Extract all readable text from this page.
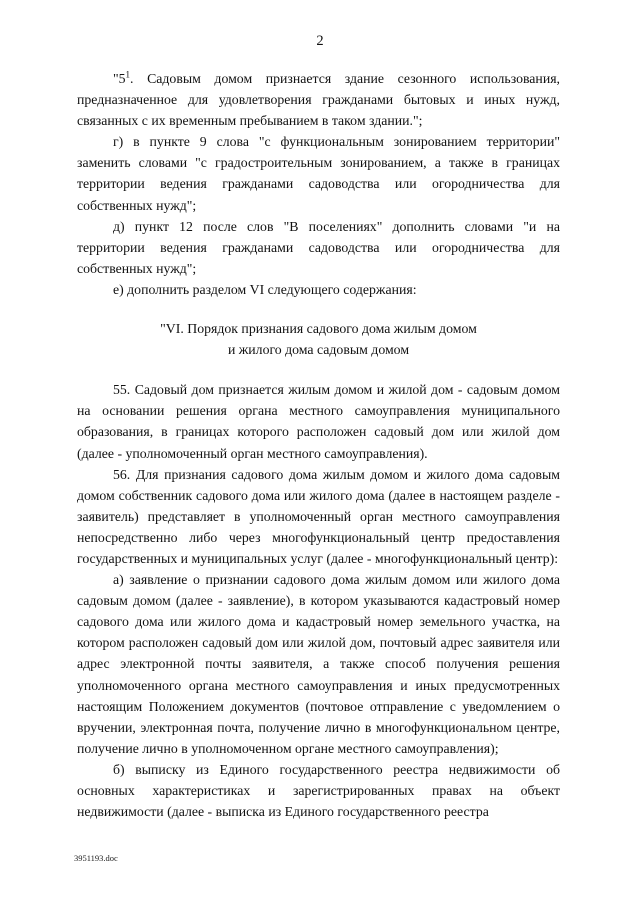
2

"$5^1$. Садовым домом признается здание сезонного использования, предназначенное для удовлетворения гражданами бытовых и иных нужд, связанных с их временным пребыванием в таком здании.";

г) в пункте 9 слова "с функциональным зонированием территории" заменить словами "с градостроительным зонированием, а также в границах территории ведения гражданами садоводства или огородничества для собственных нужд";

д) пункт 12 после слов "В поселениях" дополнить словами "и на территории ведения гражданами садоводства или огородничества для собственных нужд";

е) дополнить разделом VI следующего содержания:

"VI. Порядок признания садового дома жилым домом
и жилого дома садовым домом

55. Садовый дом признается жилым домом и жилой дом - садовым домом на основании решения органа местного самоуправления муниципального образования, в границах которого расположен садовый дом или жилой дом (далее - уполномоченный орган местного самоуправления).

56. Для признания садового дома жилым домом и жилого дома садовым домом собственник садового дома или жилого дома (далее в настоящем разделе - заявитель) представляет в уполномоченный орган местного самоуправления непосредственно либо через многофункциональный центр предоставления государственных и муниципальных услуг (далее - многофункциональный центр):

а) заявление о признании садового дома жилым домом или жилого дома садовым домом (далее - заявление), в котором указываются кадастровый номер садового дома или жилого дома и кадастровый номер земельного участка, на котором расположен садовый дом или жилой дом, почтовый адрес заявителя или адрес электронной почты заявителя, а также способ получения решения уполномоченного органа местного самоуправления и иных предусмотренных настоящим Положением документов (почтовое отправление с уведомлением о вручении, электронная почта, получение лично в многофункциональном центре, получение лично в уполномоченном органе местного самоуправления);

б) выписку из Единого государственного реестра недвижимости об основных характеристиках и зарегистрированных правах на объект недвижимости (далее - выписка из Единого государственного реестра

3951193.doc
